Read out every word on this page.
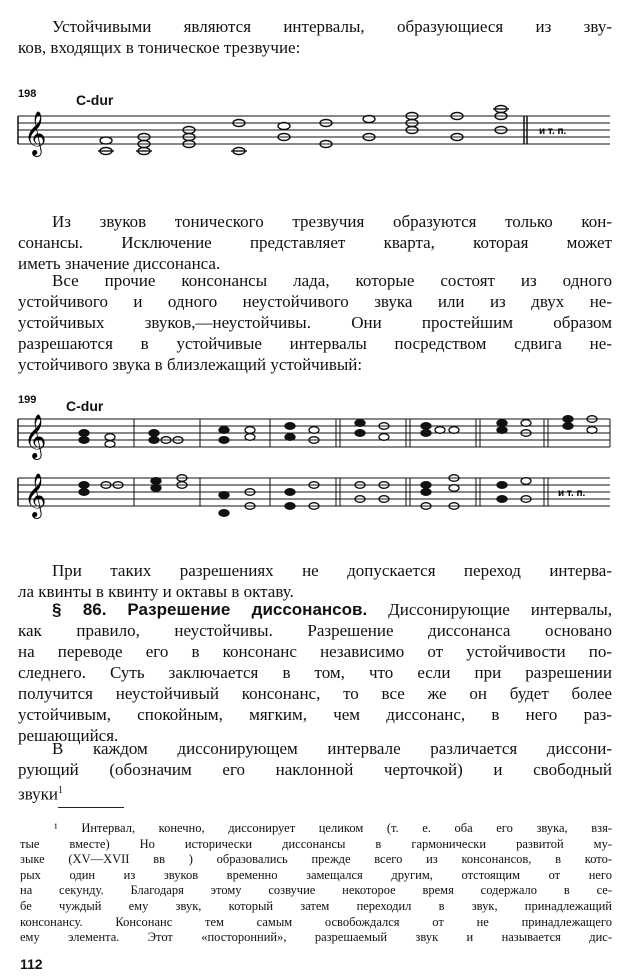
Устойчивыми являются интервалы, образующиеся из зву-
ков, входящих в тоническое трезвучие:
198	C-dur
𝄞	и т. п.
Из звуков тонического трезвучия образуются только кон-
сонансы. Исключение представляет кварта, которая может
иметь значение диссонанса.
Все прочие консонансы лада, которые состоят из одного
устойчивого и одного неустойчивого звука или из двух не-
устойчивых звуков,—неустойчивы. Они простейшим образом
разрешаются в устойчивые интервалы посредством сдвига не-
устойчивого звука в близлежащий устойчивый:
199 C-dur
𝄞
𝄞	и т. п.
При таких разрешениях не допускается переход интерва-
ла квинты в квинту и октавы в октаву.
§ 86. Разрешение диссонансов. Диссонирующие интервалы,
как правило, неустойчивы. Разрешение диссонанса основано
на переводе его в консонанс независимо от устойчивости по-
следнего. Суть заключается в том, что если при разрешении
получится неустойчивый консонанс, то все же он будет более
устойчивым, спокойным, мягким, чем диссонанс, в него раз-
решающийся.
В каждом диссонирующем интервале различается диссони-
рующий (обозначим его наклонной черточкой) и свободный
звуки$^1$
¹ Интервал, конечно, диссонирует целиком (т. е. оба его звука, взя-
тые вместе) Но исторически диссонансы в гармонически развитой му-
зыке (XV—XVII вв ) образовались прежде всего из консонансов, в кото-
рых один из звуков временно замещался другим, отстоящим от него
на секунду. Благодаря этому созвучие некоторое время содержало в се-
бе чуждый ему звук, который затем переходил в звук, принадлежащий
консонансу. Консонанс тем самым освобождался от не принадлежащего
ему элемента. Этот «посторонний», разрешаемый звук и называется дис-
112
